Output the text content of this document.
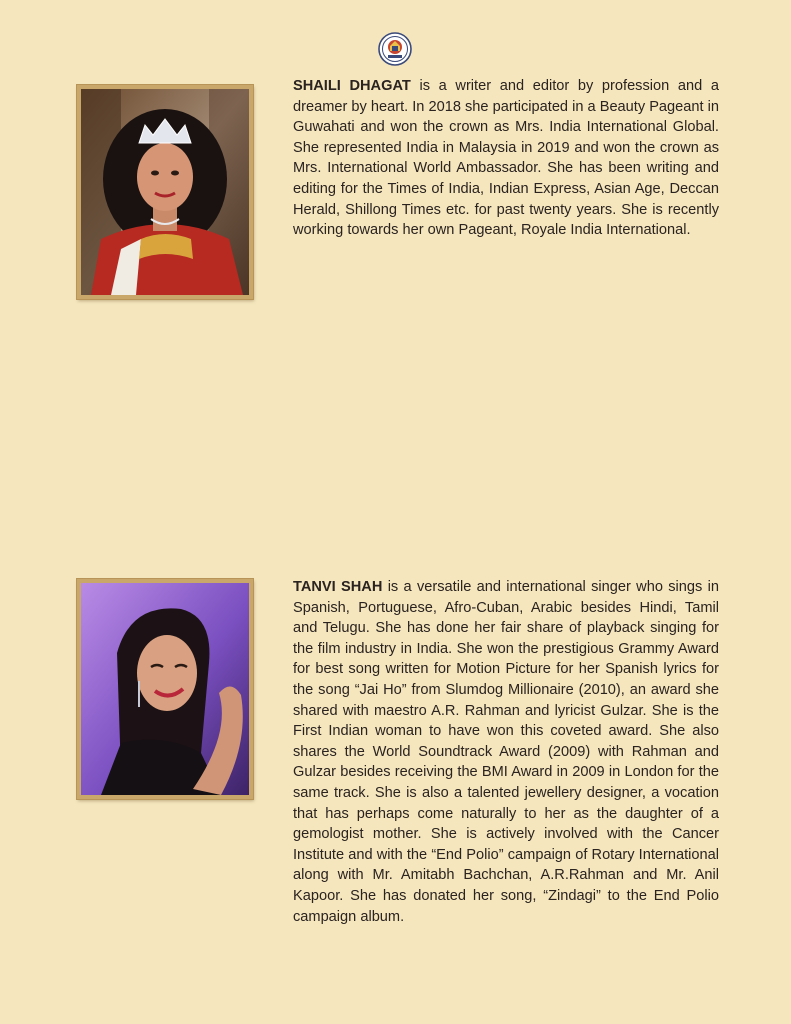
SHAILI DHAGAT is a writer and editor by profession and a dreamer by heart. In 2018 she participated in a Beauty Pageant in Guwahati and won the crown as Mrs. India International Global. She represented India in Malaysia in 2019 and won the crown as Mrs. International World Ambassador. She has been writing and editing for the Times of India, Indian Express, Asian Age, Deccan Herald, Shillong Times etc. for past twenty years. She is recently working towards her own Pageant, Royale India International.

TANVI SHAH is a versatile and international singer who sings in Spanish, Portuguese, Afro-Cuban, Arabic besides Hindi, Tamil and Telugu. She has done her fair share of playback singing for the film industry in India. She won the prestigious Grammy Award for best song written for Motion Picture for her Spanish lyrics for the song “Jai Ho” from Slumdog Millionaire (2010), an award she shared with maestro A.R. Rahman and lyricist Gulzar. She is the First Indian woman to have won this coveted award. She also shares the World Soundtrack Award (2009) with Rahman and Gulzar besides receiving the BMI Award in 2009 in London for the same track. She is also a talented jewellery designer, a vocation that has perhaps come naturally to her as the daughter of a gemologist mother. She is actively involved with the Cancer Institute and with the “End Polio” campaign of Rotary International along with Mr. Amitabh Bachchan, A.R.Rahman and Mr. Anil Kapoor. She has donated her song, “Zindagi” to the End Polio campaign album.
